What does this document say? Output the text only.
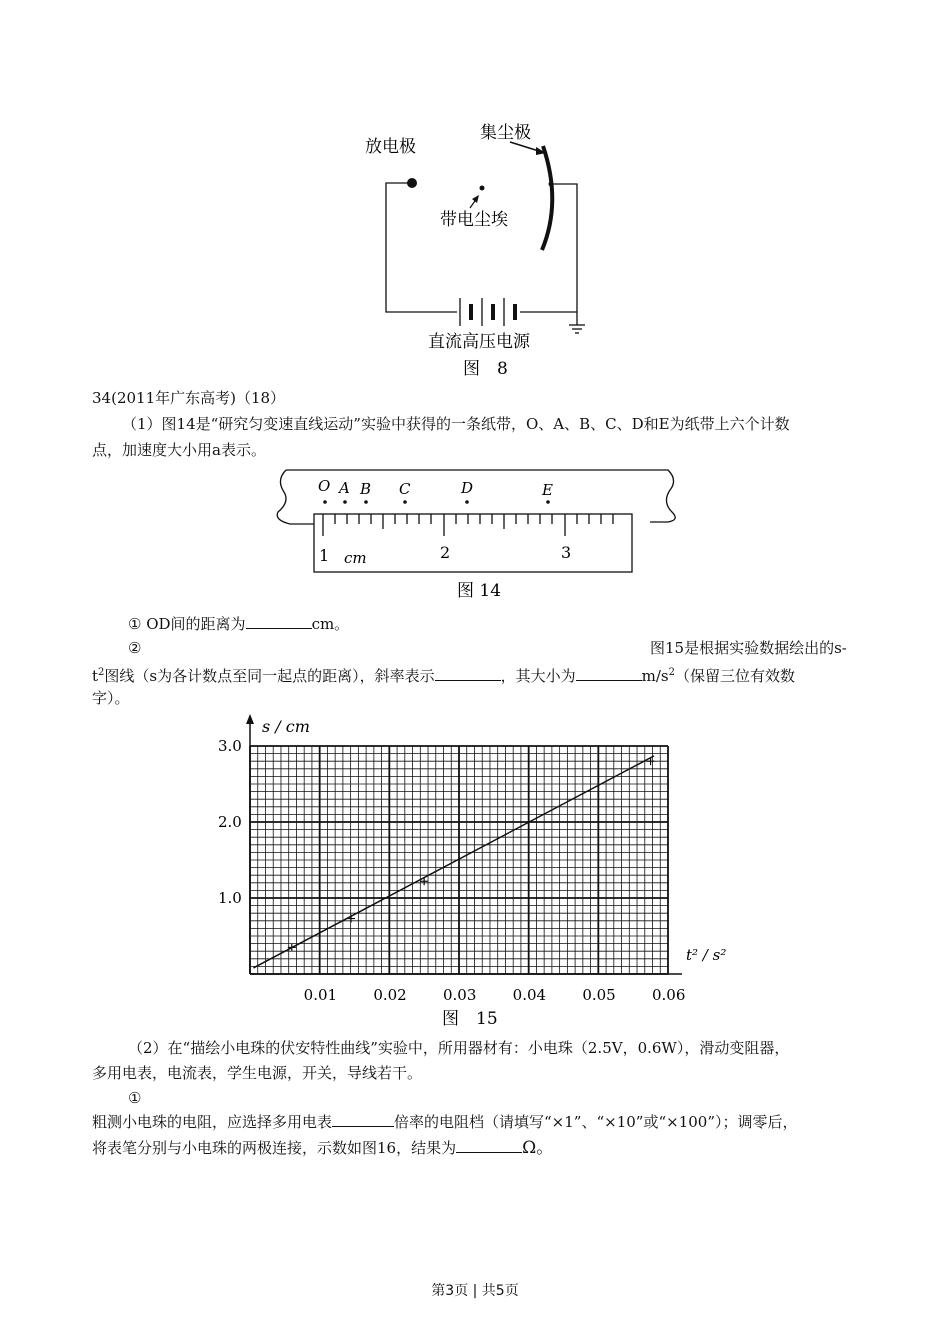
放电极
集尘极
带电尘埃
直流高压电源
图　8
34(2011年广东高考)（18）
（1）图14是“研究匀变速直线运动”实验中获得的一条纸带，O、A、B、C、D和E为纸带上六个计数
点，加速度大小用a表示。
O A B C	D	E
1 cm	2	3
图 14
① OD间的距离为	cm。
②	图15是根据实验数据绘出的s-
$t^2$图线（s为各计数点至同一起点的距离），斜率表示	，其大小为	$m/s^2$（保留三位有效数
字）。
0.01 0.02 0.03 0.04 0.05 0.06
1.0
2.0
3.0
s / cm
t² / s²
图　15
（2）在“描绘小电珠的伏安特性曲线”实验中，所用器材有：小电珠（2.5V，0.6W），滑动变阻器，
多用电表，电流表，学生电源，开关，导线若干。
①
粗测小电珠的电阻，应选择多用电表	倍率的电阻档（请填写“×1”、“×10”或“×100”）；调零后，
将表笔分别与小电珠的两极连接，示数如图16，结果为	Ω。
第3页 | 共5页
